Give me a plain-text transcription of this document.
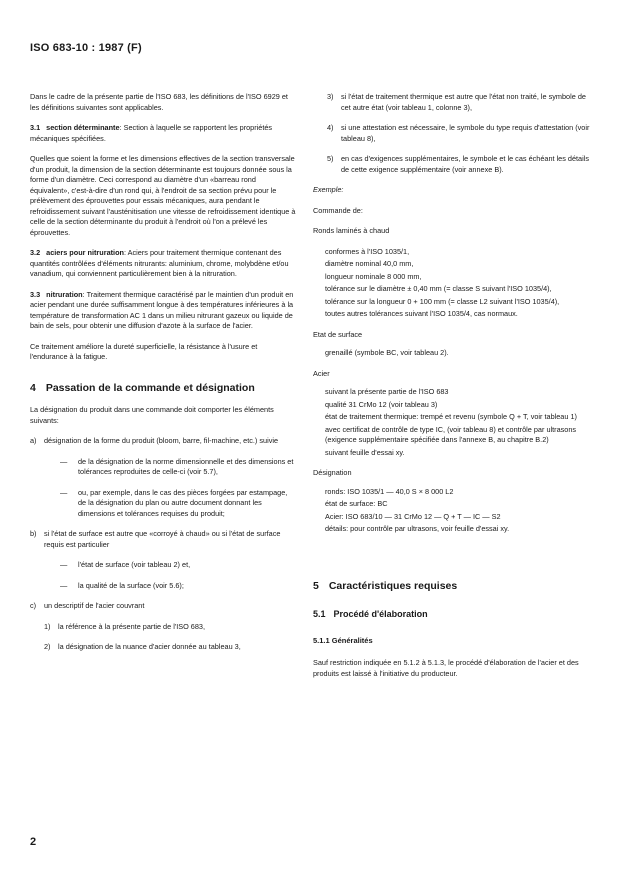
ISO 683-10 : 1987 (F)

Dans le cadre de la présente partie de l'ISO 683, les définitions de l'ISO 6929 et les définitions suivantes sont applicables.

3.1 section déterminante: Section à laquelle se rapportent les propriétés mécaniques spécifiées.

Quelles que soient la forme et les dimensions effectives de la section transversale d'un produit, la dimension de la section déterminante est toujours donnée sous la forme d'un diamètre. Ceci correspond au diamètre d'un «barreau rond équivalent», c'est-à-dire d'un rond qui, à l'endroit de sa section prévu pour le prélèvement des éprouvettes pour essais mécaniques, aura pendant le refroidissement suivant l'austénitisation une vitesse de refroidissement identique à celle de la section déterminante du produit à l'endroit où l'on a prélevé les éprouvettes.

3.2 aciers pour nitruration: Aciers pour traitement thermique contenant des quantités contrôlées d'éléments nitrurants: aluminium, chrome, molybdène et/ou vanadium, qui conviennent particulièrement bien à la nitruration.

3.3 nitruration: Traitement thermique caractérisé par le maintien d'un produit en acier pendant une durée suffisamment longue à des températures inférieures à la température de transformation AC 1 dans un milieu nitrurant gazeux ou liquide de bain de sels, pour obtenir une diffusion d'azote à la surface de l'acier.

Ce traitement améliore la dureté superficielle, la résistance à l'usure et l'endurance à la fatigue.

4 Passation de la commande et désignation

La désignation du produit dans une commande doit comporter les éléments suivants:

a) désignation de la forme du produit (bloom, barre, fil-machine, etc.) suivie

— de la désignation de la norme dimensionnelle et des dimensions et tolérances reproduites de celle-ci (voir 5.7),

— ou, par exemple, dans le cas des pièces forgées par estampage, de la désignation du plan ou autre document donnant les dimensions et tolérances requises du produit;

b) si l'état de surface est autre que «corroyé à chaud» ou si l'état de surface requis est particulier

— l'état de surface (voir tableau 2) et,

— la qualité de la surface (voir 5.6);

c) un descriptif de l'acier couvrant

1) la référence à la présente partie de l'ISO 683,

2) la désignation de la nuance d'acier donnée au tableau 3,

3) si l'état de traitement thermique est autre que l'état non traité, le symbole de cet autre état (voir tableau 1, colonne 3),

4) si une attestation est nécessaire, le symbole du type requis d'attestation (voir tableau 8),

5) en cas d'exigences supplémentaires, le symbole et le cas échéant les détails de cette exigence supplémentaire (voir annexe B).

Exemple:

Commande de:

Ronds laminés à chaud

conformes à l'ISO 1035/1,

diamètre nominal 40,0 mm,

longueur nominale 8 000 mm,

tolérance sur le diamètre ± 0,40 mm (= classe S suivant l'ISO 1035/4),

tolérance sur la longueur 0 + 100 mm (= classe L2 suivant l'ISO 1035/4),

toutes autres tolérances suivant l'ISO 1035/4, cas normaux.

Etat de surface

grenaillé (symbole BC, voir tableau 2).

Acier

suivant la présente partie de l'ISO 683

qualité 31 CrMo 12 (voir tableau 3)

état de traitement thermique: trempé et revenu (symbole Q + T, voir tableau 1)

avec certificat de contrôle de type IC, (voir tableau 8) et contrôle par ultrasons (exigence supplémentaire spécifiée dans l'annexe B, au chapitre B.2)

suivant feuille d'essai xy.

Désignation

ronds: ISO 1035/1 — 40,0 S × 8 000 L2

état de surface: BC

Acier: ISO 683/10 — 31 CrMo 12 — Q + T — IC — S2

détails: pour contrôle par ultrasons, voir feuille d'essai xy.

5 Caractéristiques requises
5.1 Procédé d'élaboration
5.1.1 Généralités

Sauf restriction indiquée en 5.1.2 à 5.1.3, le procédé d'élaboration de l'acier et des produits est laissé à l'initiative du producteur.

2
